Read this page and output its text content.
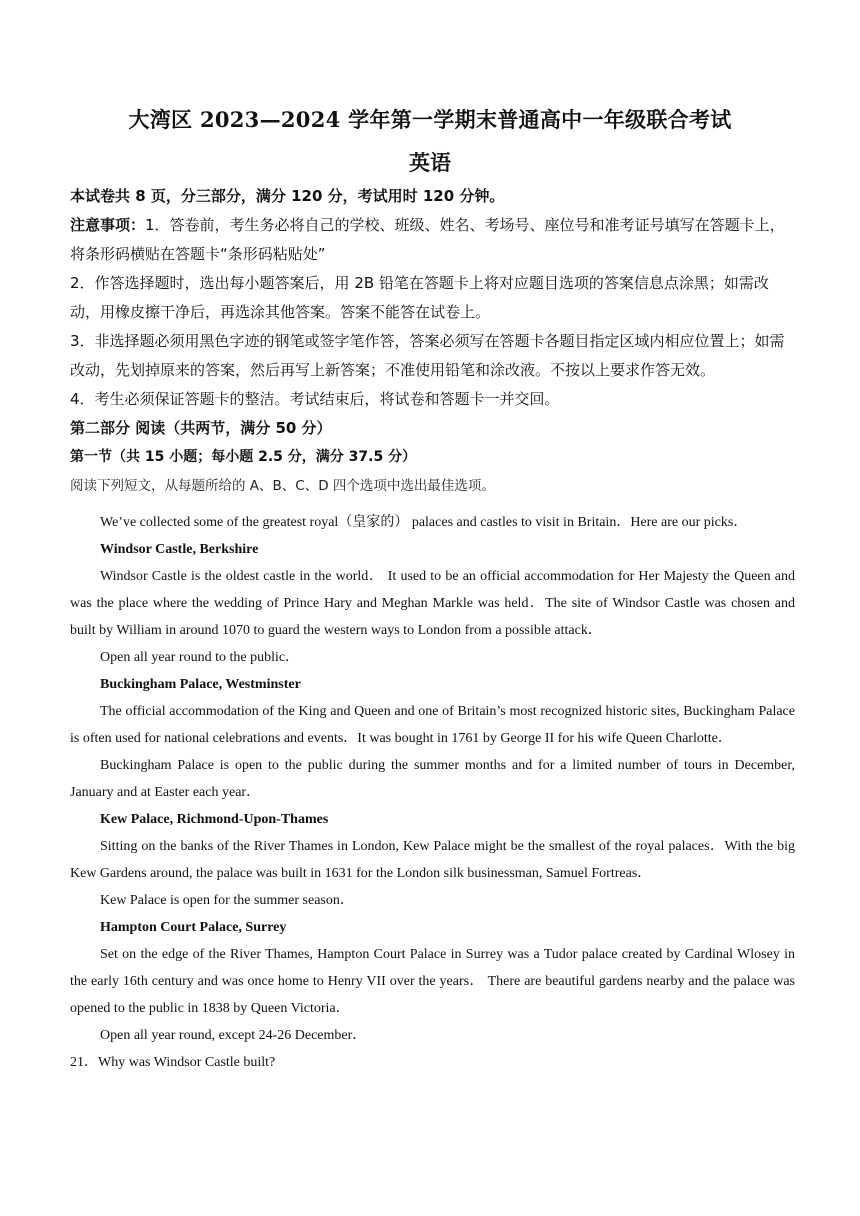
大湾区 2023—2024 学年第一学期末普通高中一年级联合考试
英语

本试卷共 8 页，分三部分，满分 120 分，考试用时 120 分钟。

注意事项：1．答卷前，考生务必将自己的学校、班级、姓名、考场号、座位号和准考证号填写在答题卡上，将条形码横贴在答题卡“条形码粘贴处”

2．作答选择题时，选出每小题答案后，用 2B 铅笔在答题卡上将对应题目选项的答案信息点涂黑；如需改动，用橡皮擦干净后，再选涂其他答案。答案不能答在试卷上。

3．非选择题必须用黑色字迹的钢笔或签字笔作答，答案必须写在答题卡各题目指定区域内相应位置上；如需改动，先划掉原来的答案，然后再写上新答案；不准使用铅笔和涂改液。不按以上要求作答无效。

4．考生必须保证答题卡的整洁。考试结束后，将试卷和答题卡一并交回。

第二部分 阅读（共两节，满分 50 分）

第一节（共 15 小题；每小题 2.5 分，满分 37.5 分）

阅读下列短文，从每题所给的 A、B、C、D 四个选项中选出最佳选项。

We’ve collected some of the greatest royal（皇家的） palaces and castles to visit in Britain．Here are our picks．

Windsor Castle, Berkshire

Windsor Castle is the oldest castle in the world． It used to be an official accommodation for Her Majesty the Queen and was the place where the wedding of Prince Hary and Meghan Markle was held．The site of Windsor Castle was chosen and built by William in around 1070 to guard the western ways to London from a possible attack．

Open all year round to the public．

Buckingham Palace, Westminster

The official accommodation of the King and Queen and one of Britain’s most recognized historic sites, Buckingham Palace is often used for national celebrations and events．It was bought in 1761 by George II for his wife Queen Charlotte．

Buckingham Palace is open to the public during the summer months and for a limited number of tours in December, January and at Easter each year．

Kew Palace, Richmond-Upon-Thames

Sitting on the banks of the River Thames in London, Kew Palace might be the smallest of the royal palaces．With the big Kew Gardens around, the palace was built in 1631 for the London silk businessman, Samuel Fortreas．

Kew Palace is open for the summer season．

Hampton Court Palace, Surrey

Set on the edge of the River Thames, Hampton Court Palace in Surrey was a Tudor palace created by Cardinal Wlosey in the early 16th century and was once home to Henry VII over the years． There are beautiful gardens nearby and the palace was opened to the public in 1838 by Queen Victoria．

Open all year round, except 24-26 December．

21．Why was Windsor Castle built?
